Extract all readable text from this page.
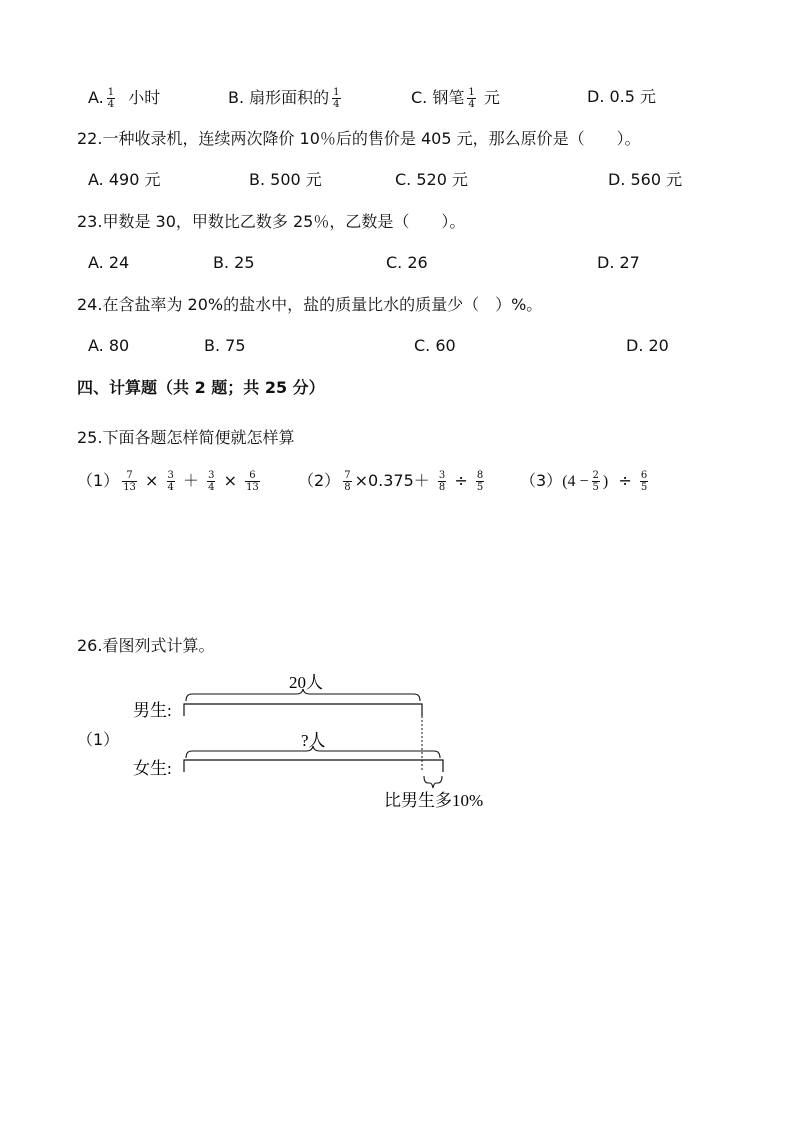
A. $\frac{1}{4}$ 小时	B. 扇形面积的 $\frac{1}{4}$	C. 钢笔 $\frac{1}{4}$ 元	D. 0.5 元
22.一种收录机，连续两次降价 10％后的售价是 405 元，那么原价是（　　）。
A. 490 元	B. 500 元	C. 520 元	D. 560 元
23.甲数是 30，甲数比乙数多 25％，乙数是（　　）。
A. 24	B. 25	C. 26	D. 27
24.在含盐率为 20%的盐水中，盐的质量比水的质量少（　）%。
A. 80	B. 75	C. 60	D. 20
四、计算题（共 2 题；共 25 分）
25.下面各题怎样简便就怎样算
$(1) \frac{7}{13} \times \frac{3}{4} + \frac{3}{4} \times \frac{6}{13} (2) \frac{7}{8} \times 0.375+ \frac{3}{8} \div \frac{8}{5} (3)(4 - \frac{2}{5}$ ) ÷ $\frac{6}{5}$
26.看图列式计算。
（1）
男生:
20人
女生:
?人
比男生多10%
